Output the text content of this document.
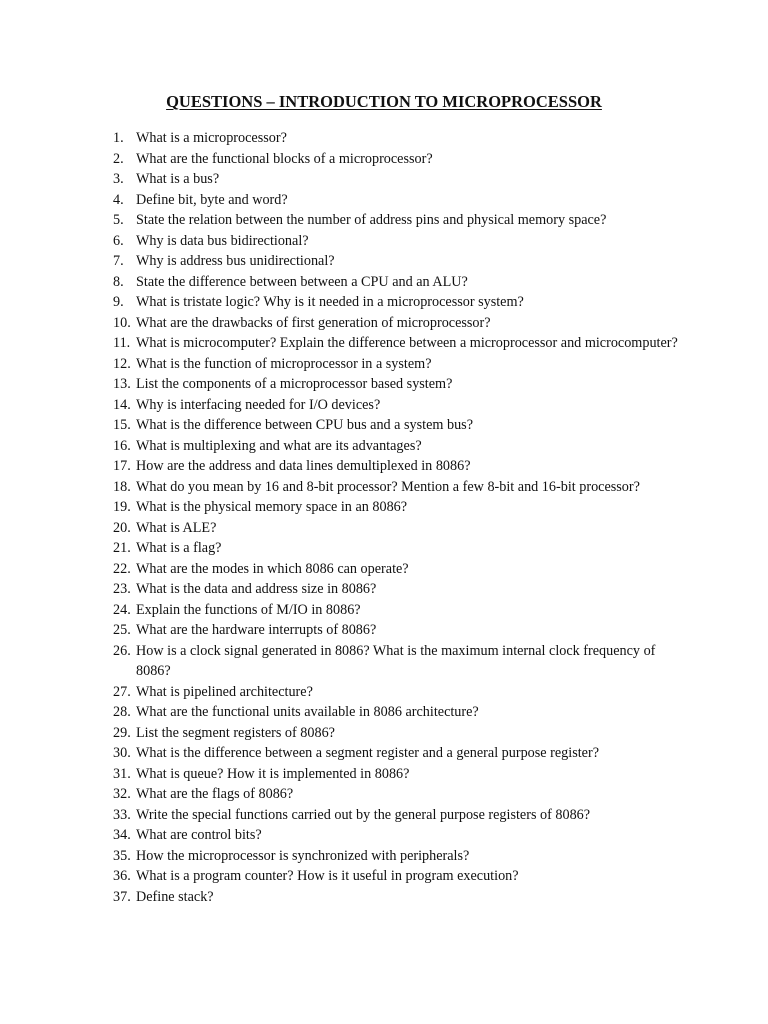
QUESTIONS – INTRODUCTION TO MICROPROCESSOR
1. What is a microprocessor?
2. What are the functional blocks of a microprocessor?
3. What is a bus?
4. Define bit, byte and word?
5. State the relation between the number of address pins and physical memory space?
6. Why is data bus bidirectional?
7. Why is address bus unidirectional?
8. State the difference between between a CPU and an ALU?
9. What is tristate logic? Why is it needed in a microprocessor system?
10. What are the drawbacks of first generation of microprocessor?
11. What is microcomputer? Explain the difference between a microprocessor and microcomputer?
12. What is the function of microprocessor in a system?
13. List the components of a microprocessor based system?
14. Why is interfacing needed for I/O devices?
15. What is the difference between CPU bus and a system bus?
16. What is multiplexing and what are its advantages?
17. How are the address and data lines demultiplexed in 8086?
18. What do you mean by 16 and 8-bit processor? Mention a few 8-bit and 16-bit processor?
19. What is the physical memory space in an 8086?
20. What is ALE?
21. What is a flag?
22. What are the modes in which 8086 can operate?
23. What is the data and address size in 8086?
24. Explain the functions of M/IO in 8086?
25. What are the hardware interrupts of 8086?
26. How is a clock signal generated in 8086? What is the maximum internal clock frequency of 8086?
27. What is pipelined architecture?
28. What are the functional units available in 8086 architecture?
29. List the segment registers of 8086?
30. What is the difference between a segment register and a general purpose register?
31. What is queue? How it is implemented in 8086?
32. What are the flags of 8086?
33. Write the special functions carried out by the general purpose registers of 8086?
34. What are control bits?
35. How the microprocessor is synchronized with peripherals?
36. What is a program counter? How is it useful in program execution?
37. Define stack?
